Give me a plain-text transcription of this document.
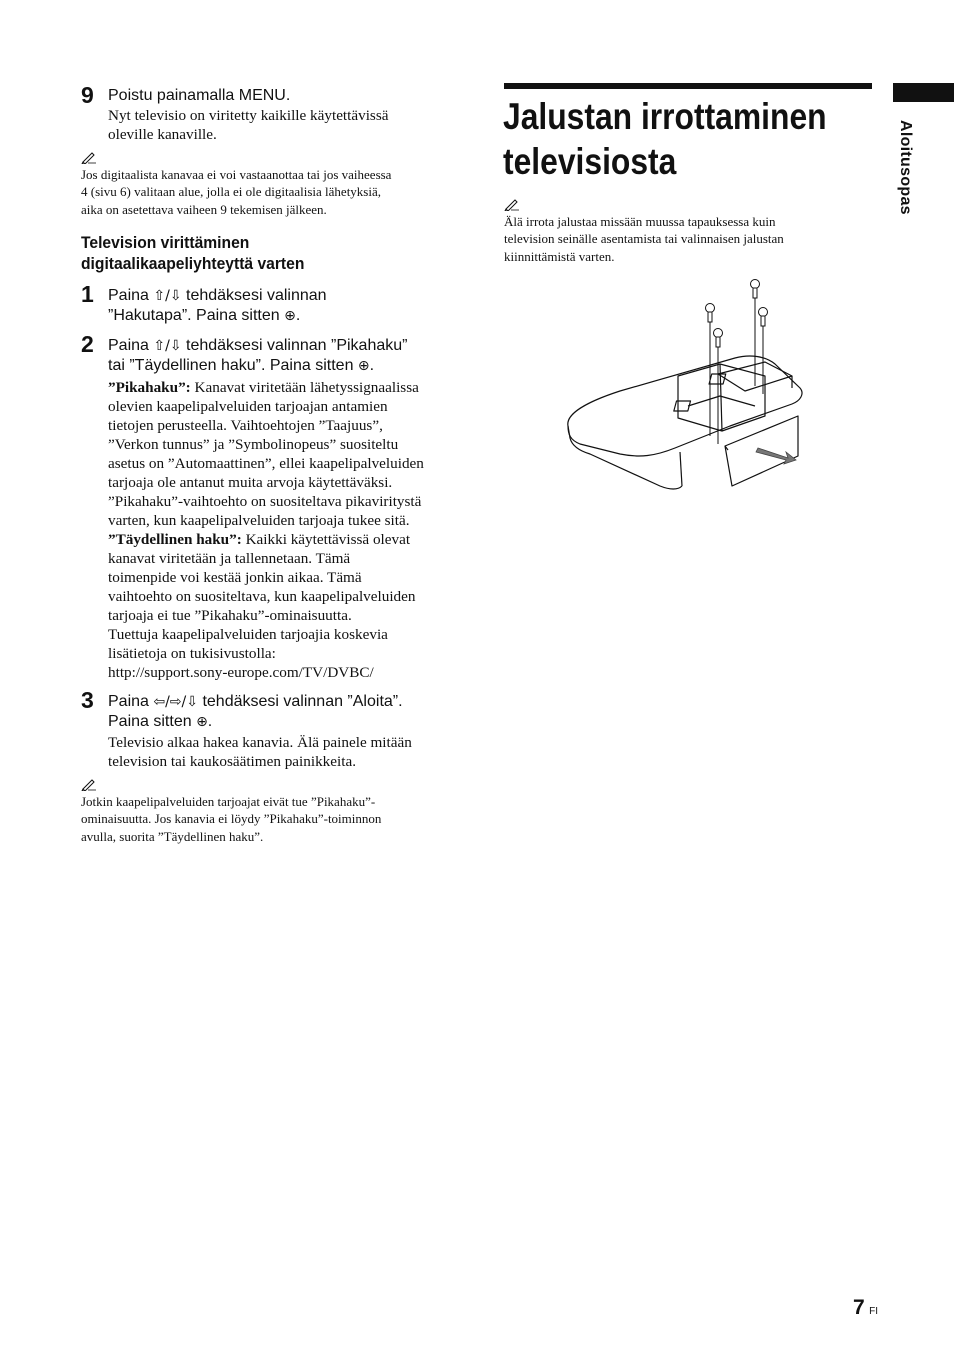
9 Poistu painamalla MENU.
Nyt televisio on viritetty kaikille käytettävissä
oleville kanaville.
Jos digitaalista kanavaa ei voi vastaanottaa tai jos vaiheessa
4 (sivu 6) valitaan alue, jolla ei ole digitaalisia lähetyksiä,
aika on asetettava vaiheen 9 tekemisen jälkeen.
Television virittäminen
digitaalikaapeliyhteyttä varten
1 Paina ⇧/⇩ tehdäksesi valinnan
”Hakutapa”. Paina sitten ⊕.
2 Paina ⇧/⇩ tehdäksesi valinnan ”Pikahaku”
tai ”Täydellinen haku”. Paina sitten ⊕.
”Pikahaku”: Kanavat viritetään lähetyssignaalissa
olevien kaapelipalveluiden tarjoajan antamien
tietojen perusteella. Vaihtoehtojen ”Taajuus”,
”Verkon tunnus” ja ”Symbolinopeus” suositeltu
asetus on ”Automaattinen”, ellei kaapelipalveluiden
tarjoaja ole antanut muita arvoja käytettäväksi.
”Pikahaku”-vaihtoehto on suositeltava pikaviritystä
varten, kun kaapelipalveluiden tarjoaja tukee sitä.
”Täydellinen haku”: Kaikki käytettävissä olevat
kanavat viritetään ja tallennetaan. Tämä
toimenpide voi kestää jonkin aikaa. Tämä
vaihtoehto on suositeltava, kun kaapelipalveluiden
tarjoaja ei tue ”Pikahaku”-ominaisuutta.
Tuettuja kaapelipalveluiden tarjoajia koskevia
lisätietoja on tukisivustolla:
http://support.sony-europe.com/TV/DVBC/
3 Paina ⇦/⇨/⇩ tehdäksesi valinnan ”Aloita”.
Paina sitten ⊕.
Televisio alkaa hakea kanavia. Älä painele mitään
television tai kaukosäätimen painikkeita.
Jotkin kaapelipalveluiden tarjoajat eivät tue ”Pikahaku”-
ominaisuutta. Jos kanavia ei löydy ”Pikahaku”-toiminnon
avulla, suorita ”Täydellinen haku”.
Jalustan irrottaminen
televisiosta
Älä irrota jalustaa missään muussa tapauksessa kuin
television seinälle asentamista tai valinnaisen jalustan
kiinnittämistä varten.
Aloitusopas
7 FI
